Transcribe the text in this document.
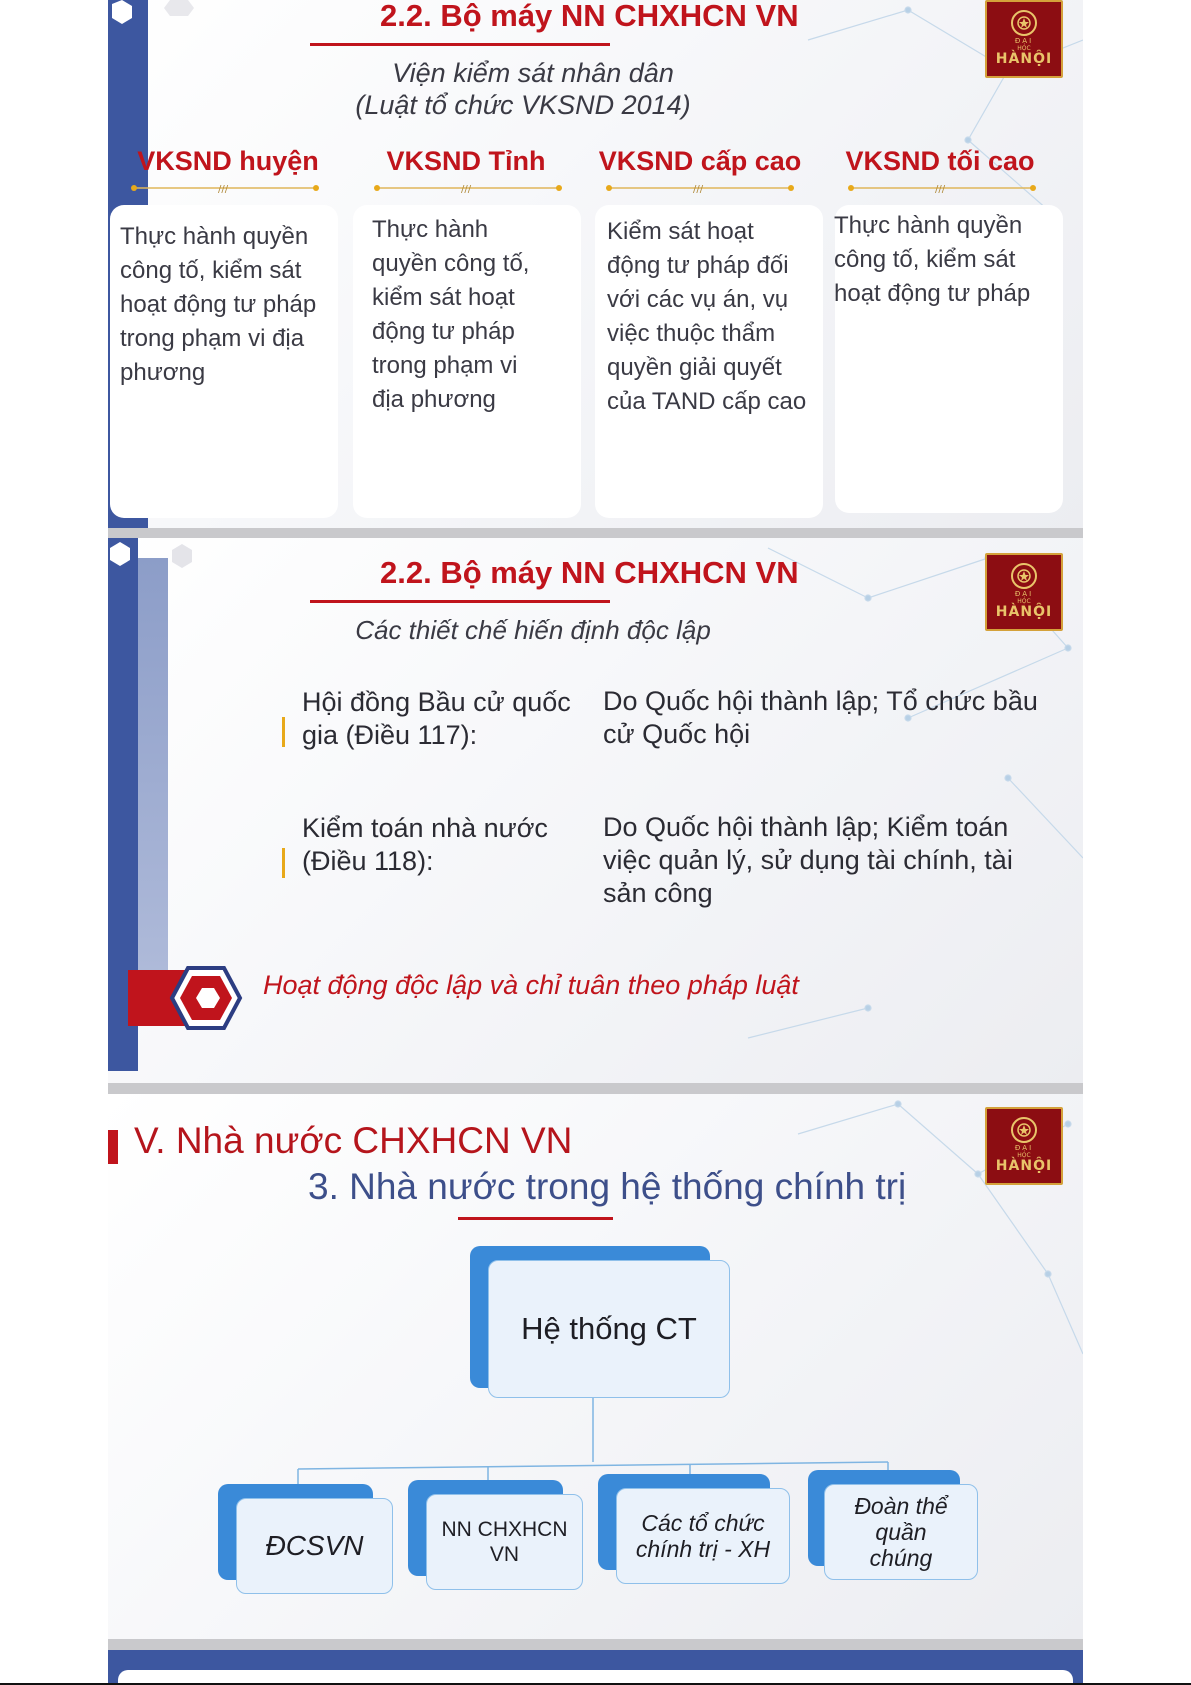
2.2. Bộ máy NN CHXHCN VN
Viện kiểm sát nhân dân
(Luật tổ chức VKSND 2014)
ĐẠI
HỌC
HÀNỘI
VKSND huyện	VKSND Tỉnh	VKSND cấp cao	VKSND tối cao
///	///	///	///
Thực hành quyền công tố, kiểm sát hoạt động tư pháp trong phạm vi địa phương
Thực hành quyền công tố, kiểm sát hoạt động tư pháp trong phạm vi địa phương
Kiểm sát hoạt động tư pháp đối với các vụ án, vụ việc thuộc thẩm quyền giải quyết của TAND cấp cao
Thực hành quyền công tố, kiểm sát hoạt động tư pháp
2.2. Bộ máy NN CHXHCN VN
Các thiết chế hiến định độc lập
ĐẠI
HỌC
HÀNỘI
Hội đồng Bầu cử quốc gia (Điều 117):
Do Quốc hội thành lập; Tổ chức bầu cử Quốc hội
Kiểm toán nhà nước (Điều 118):
Do Quốc hội thành lập; Kiểm toán việc quản lý, sử dụng tài chính, tài sản công
Hoạt động độc lập và chỉ tuân theo pháp luật
V. Nhà nước CHXHCN VN
3. Nhà nước trong hệ thống chính trị
ĐẠI
HỌC
HÀNỘI
Hệ thống CT
ĐCSVN
NN CHXHCN VN
Các tổ chức chính trị - XH
Đoàn thể quần chúng
